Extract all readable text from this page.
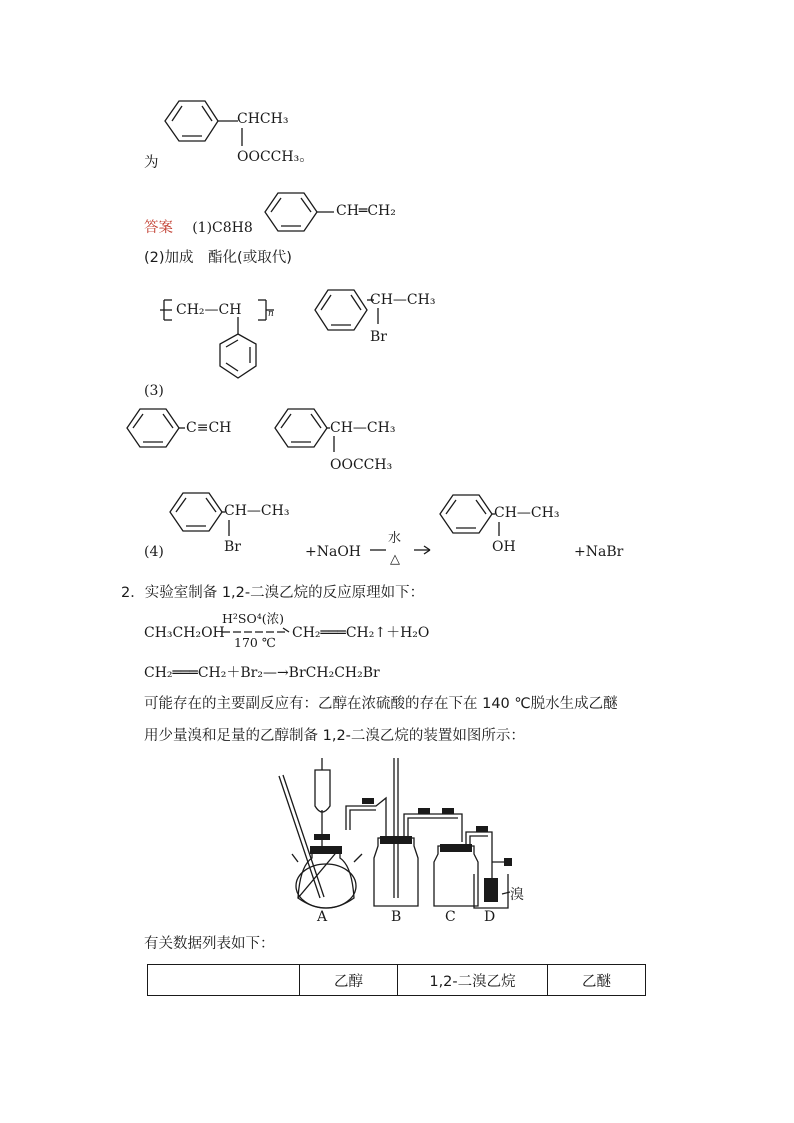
CHCH₃
为	OOCCH₃。
答案 (1)C8H8
CH═CH₂
(2)加成　酯化(或取代)
CH₂—CH	n
CH—CH₃
Br
(3)
C≡CH	CH—CH₃
OOCCH₃
(4)
CH—CH₃
Br	+NaOH
水
△
CH—CH₃
OH	+NaBr
2．实验室制备 1,2-二溴乙烷的反应原理如下：
CH₃CH₂OH
H²SO⁴(浓)
170 ℃
CH₂═══CH₂↑＋H₂O
CH₂═══CH₂＋Br₂—→BrCH₂CH₂Br
可能存在的主要副反应有：乙醇在浓硫酸的存在下在 140 ℃脱水生成乙醚
用少量溴和足量的乙醇制备 1,2-二溴乙烷的装置如图所示：
A	B	C D
溴
有关数据列表如下：
	乙醇	1,2-二溴乙烷	乙醚
